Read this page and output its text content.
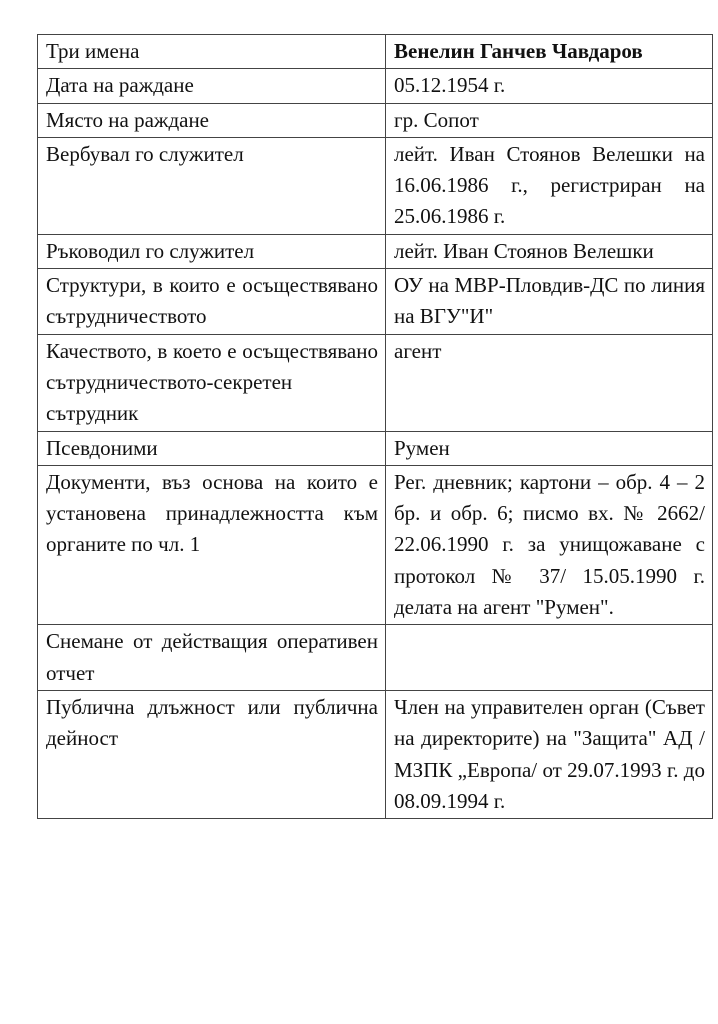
Три имена	Венелин Ганчев Чавдаров
Дата на раждане	05.12.1954 г.
Място на раждане	гр. Сопот
Вербувал го служител	лейт. Иван Стоянов Велешки на 16.06.1986 г., регистриран на 25.06.1986 г.
Ръководил го служител	лейт. Иван Стоянов Велешки
Структури, в които е осъществявано сътрудничеството	ОУ на МВР-Пловдив-ДС по линия на ВГУ"И"
Качеството, в което е осъществявано сътрудничеството-секретен сътрудник	агент
Псевдоними	Румен
Документи, въз основа на които е установена принадлежността към органите по чл. 1	Рег. дневник; картони – обр. 4 – 2 бр. и обр. 6; писмо вх. № 2662/ 22.06.1990 г. за унищожаване с протокол № 37/ 15.05.1990 г. делата на агент "Румен".
Снемане от действащия оперативен отчет	
Публична длъжност или публична дейност	Член на управителен орган (Съвет на директорите) на "Защита" АД /МЗПК „Европа/ от 29.07.1993 г. до 08.09.1994 г.
